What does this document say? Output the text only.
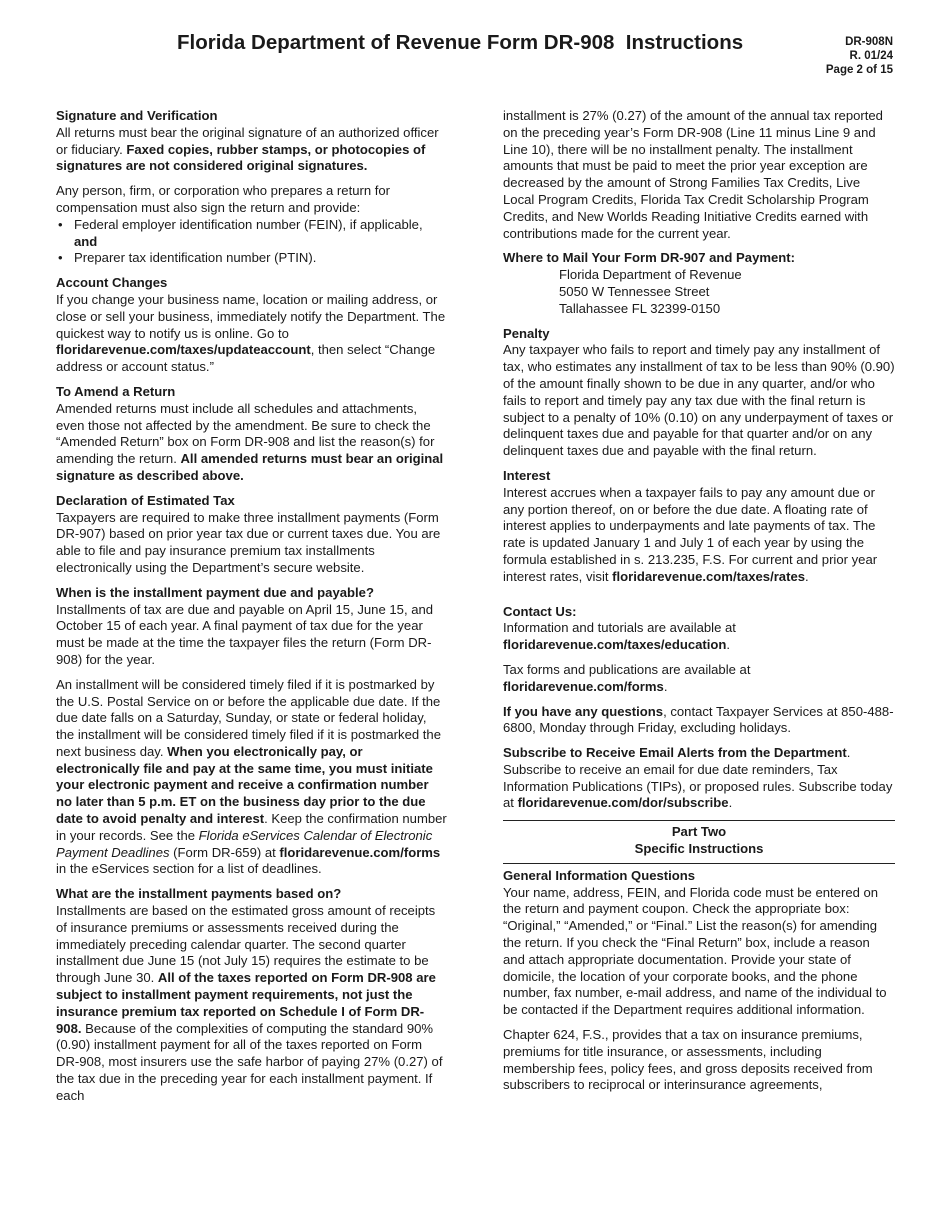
Florida Department of Revenue Form DR-908  Instructions	DR-908N
R. 01/24
Page 2 of 15

Signature and Verification

All returns must bear the original signature of an authorized officer or fiduciary. Faxed copies, rubber stamps, or photocopies of signatures are not considered original signatures.

Any person, firm, or corporation who prepares a return for compensation must also sign the return and provide:

• Federal employer identification number (FEIN), if applicable, and
• Preparer tax identification number (PTIN).

Account Changes

If you change your business name, location or mailing address, or close or sell your business, immediately notify the Department. The quickest way to notify us is online. Go to floridarevenue.com/taxes/updateaccount, then select “Change address or account status.”

To Amend a Return

Amended returns must include all schedules and attachments, even those not affected by the amendment. Be sure to check the “Amended Return” box on Form DR-908 and list the reason(s) for amending the return. All amended returns must bear an original signature as described above.

Declaration of Estimated Tax

Taxpayers are required to make three installment payments (Form DR-907) based on prior year tax due or current taxes due. You are able to file and pay insurance premium tax installments electronically using the Department’s secure website.

When is the installment payment due and payable?

Installments of tax are due and payable on April 15, June 15, and October 15 of each year. A final payment of tax due for the year must be made at the time the taxpayer files the return (Form DR-908) for the year.

An installment will be considered timely filed if it is postmarked by the U.S. Postal Service on or before the applicable due date. If the due date falls on a Saturday, Sunday, or state or federal holiday, the installment will be considered timely filed if it is postmarked the next business day. When you electronically pay, or electronically file and pay at the same time, you must initiate your electronic payment and receive a confirmation number no later than 5 p.m. ET on the business day prior to the due date to avoid penalty and interest. Keep the confirmation number in your records. See the Florida eServices Calendar of Electronic Payment Deadlines (Form DR-659) at floridarevenue.com/forms in the eServices section for a list of deadlines.

What are the installment payments based on?

Installments are based on the estimated gross amount of receipts of insurance premiums or assessments received during the immediately preceding calendar quarter. The second quarter installment due June 15 (not July 15) requires the estimate to be through June 30. All of the taxes reported on Form DR-908 are subject to installment payment requirements, not just the insurance premium tax reported on Schedule I of Form DR-908. Because of the complexities of computing the standard 90% (0.90) installment payment for all of the taxes reported on Form DR-908, most insurers use the safe harbor of paying 27% (0.27) of the tax due in the preceding year for each installment payment. If each

installment is 27% (0.27) of the amount of the annual tax reported on the preceding year’s Form DR-908 (Line 11 minus Line 9 and Line 10), there will be no installment penalty. The installment amounts that must be paid to meet the prior year exception are decreased by the amount of Strong Families Tax Credits, Live Local Program Credits, Florida Tax Credit Scholarship Program Credits, and New Worlds Reading Initiative Credits earned with contributions made for the current year.

Where to Mail Your Form DR-907 and Payment:

Florida Department of Revenue
5050 W Tennessee Street
Tallahassee FL 32399-0150

Penalty

Any taxpayer who fails to report and timely pay any installment of tax, who estimates any installment of tax to be less than 90% (0.90) of the amount finally shown to be due in any quarter, and/or who fails to report and timely pay any tax due with the final return is subject to a penalty of 10% (0.10) on any underpayment of taxes or delinquent taxes due and payable for that quarter and/or on any delinquent taxes due and payable with the final return.

Interest

Interest accrues when a taxpayer fails to pay any amount due or any portion thereof, on or before the due date. A floating rate of interest applies to underpayments and late payments of tax. The rate is updated January 1 and July 1 of each year by using the formula established in s. 213.235, F.S. For current and prior year interest rates, visit floridarevenue.com/taxes/rates.

Contact Us:

Information and tutorials are available at floridarevenue.com/taxes/education.

Tax forms and publications are available at floridarevenue.com/forms.

If you have any questions, contact Taxpayer Services at 850-488-6800, Monday through Friday, excluding holidays.

Subscribe to Receive Email Alerts from the Department. Subscribe to receive an email for due date reminders, Tax Information Publications (TIPs), or proposed rules. Subscribe today at floridarevenue.com/dor/subscribe.

Part Two
Specific Instructions

General Information Questions

Your name, address, FEIN, and Florida code must be entered on the return and payment coupon. Check the appropriate box: “Original,” “Amended,” or “Final.” List the reason(s) for amending the return. If you check the “Final Return” box, include a reason and attach appropriate documentation. Provide your state of domicile, the location of your corporate books, and the phone number, fax number, e-mail address, and name of the individual to be contacted if the Department requires additional information.

Chapter 624, F.S., provides that a tax on insurance premiums, premiums for title insurance, or assessments, including membership fees, policy fees, and gross deposits received from subscribers to reciprocal or interinsurance agreements,
